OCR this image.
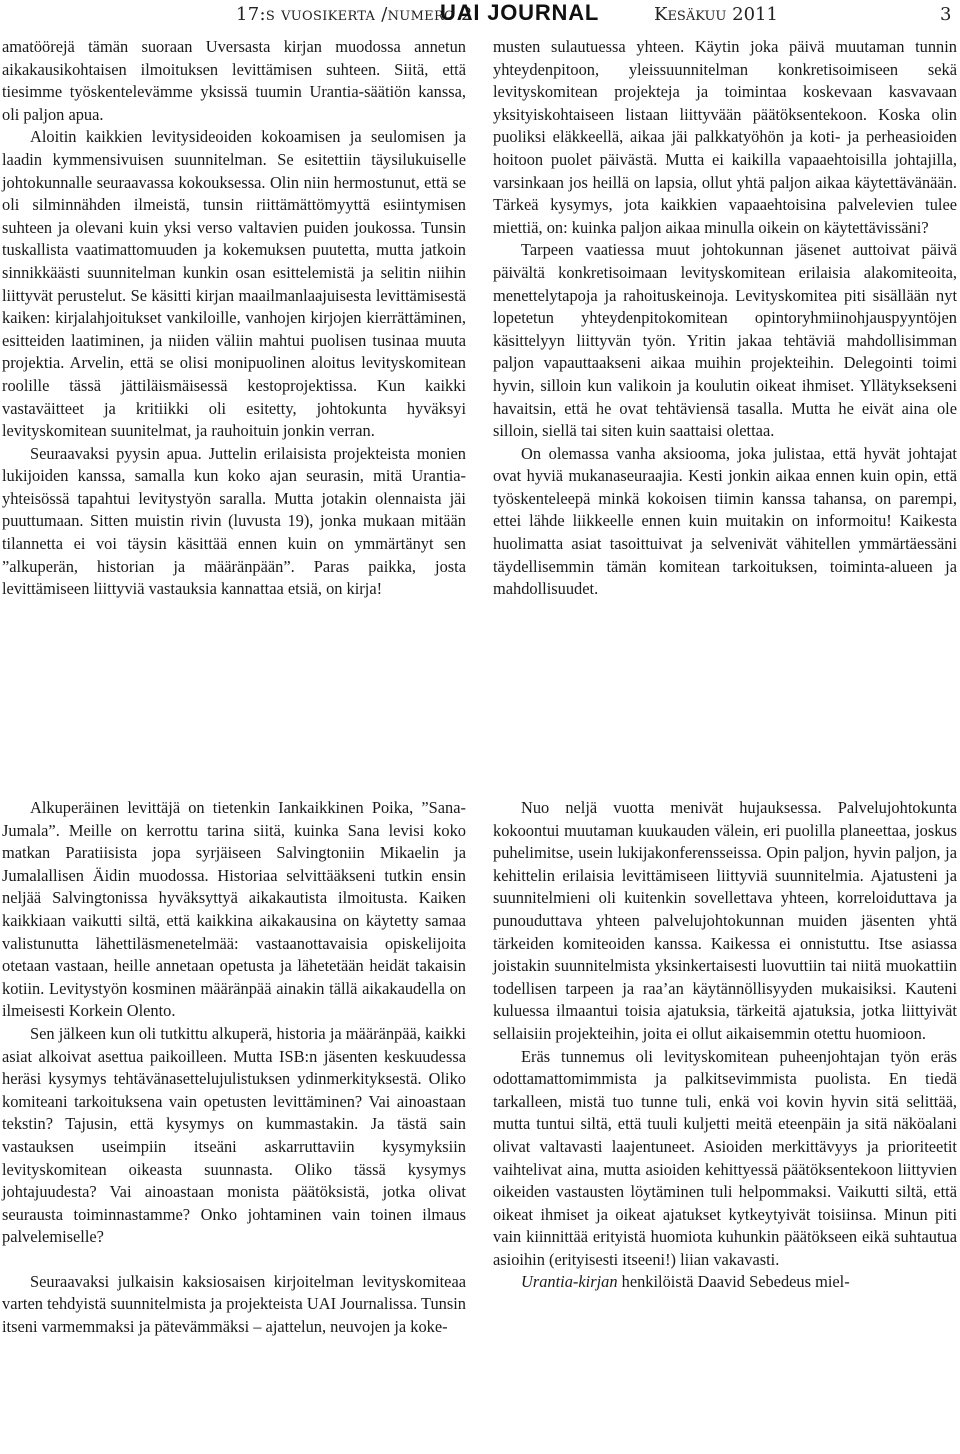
17:s vuosikerta /numero 2
UAI JOURNAL	Kesäkuu 2011	3

amatöörejä tämän suoraan Uversasta kirjan muodossa annetun aikakausikohtaisen ilmoituksen levittämisen suhteen. Siitä, että tiesimme työskentelevämme yksissä tuumin Urantia-säätiön kanssa, oli paljon apua.

Aloitin kaikkien levitysideoiden kokoamisen ja seulomisen ja laadin kymmensivuisen suunnitelman. Se esitettiin täysilukuiselle johtokunnalle seuraavassa kokouksessa. Olin niin hermostunut, että se oli silminnähden ilmeistä, tunsin riittämättömyyttä esiintymisen suhteen ja olevani kuin yksi verso valtavien puiden joukossa. Tunsin tuskallista vaatimattomuuden ja kokemuksen puutetta, mutta jatkoin sinnikkäästi suunnitelman kunkin osan esittelemistä ja selitin niihin liittyvät perustelut. Se käsitti kirjan maailmanlaajuisesta levittämisestä kaiken: kirjalahjoitukset vankiloille, vanhojen kirjojen kierrättäminen, esitteiden laatiminen, ja niiden väliin mahtui puolisen tusinaa muuta projektia. Arvelin, että se olisi monipuolinen aloitus levityskomitean roolille tässä jättiläismäisessä kestoprojektissa. Kun kaikki vastaväitteet ja kritiikki oli esitetty, johtokunta hyväksyi levityskomitean suunitelmat, ja rauhoituin jonkin verran.

Seuraavaksi pyysin apua. Juttelin erilaisista projekteista monien lukijoiden kanssa, samalla kun koko ajan seurasin, mitä Urantia-yhteisössä tapahtui levitystyön saralla. Mutta jotakin olennaista jäi puuttumaan. Sitten muistin rivin (luvusta 19), jonka mukaan mitään tilannetta ei voi täysin käsittää ennen kuin on ymmärtänyt sen ”alkuperän, historian ja määränpään”. Paras paikka, josta levittämiseen liittyviä vastauksia kannattaa etsiä, on kirja!

musten sulautuessa yhteen. Käytin joka päivä muutaman tunnin yhteydenpitoon, yleissuunnitelman konkretisoimiseen sekä levityskomitean projekteja ja toimintaa koskevaan kasvavaan yksityiskohtaiseen listaan liittyvään päätöksentekoon. Koska olin puoliksi eläkkeellä, aikaa jäi palkkatyöhön ja koti- ja perheasioiden hoitoon puolet päivästä. Mutta ei kaikilla vapaaehtoisilla johtajilla, varsinkaan jos heillä on lapsia, ollut yhtä paljon aikaa käytettävänään. Tärkeä kysymys, jota kaikkien vapaaehtoisina palvelevien tulee miettiä, on: kuinka paljon aikaa minulla oikein on käytettävissäni?

Tarpeen vaatiessa muut johtokunnan jäsenet auttoivat päivä päivältä konkretisoimaan levityskomitean erilaisia alakomiteoita, menettelytapoja ja rahoituskeinoja. Levityskomitea piti sisällään nyt lopetetun yhteydenpitokomitean opintoryhmiinohjauspyyntöjen käsittelyyn liittyvän työn. Yritin jakaa tehtäviä mahdollisimman paljon vapauttaakseni aikaa muihin projekteihin. Delegointi toimi hyvin, silloin kun valikoin ja koulutin oikeat ihmiset. Yllätyksekseni havaitsin, että he ovat tehtäviensä tasalla. Mutta he eivät aina ole silloin, siellä tai siten kuin saattaisi olettaa.

On olemassa vanha aksiooma, joka julistaa, että hyvät johtajat ovat hyviä mukanaseuraajia. Kesti jonkin aikaa ennen kuin opin, että työskenteleepä minkä kokoisen tiimin kanssa tahansa, on parempi, ettei lähde liikkeelle ennen kuin muitakin on informoitu! Kaikesta huolimatta asiat tasoittuivat ja selvenivät vähitellen ymmärtäessäni täydellisemmin tämän komitean tarkoituksen, toiminta-alueen ja mahdollisuudet.

Alkuperäinen levittäjä on tietenkin Iankaikkinen Poika, ”Sana-Jumala”. Meille on kerrottu tarina siitä, kuinka Sana levisi koko matkan Paratiisista jopa syrjäiseen Salvingtoniin Mikaelin ja Jumalallisen Äidin muodossa. Historiaa selvittääkseni tutkin ensin neljää Salvingtonissa hyväksyttyä aikakautista ilmoitusta. Kaiken kaikkiaan vaikutti siltä, että kaikkina aikakausina on käytetty samaa valistunutta lähettiläsmenetelmää: vastaanottavaisia opiskelijoita otetaan vastaan, heille annetaan opetusta ja lähetetään heidät takaisin kotiin. Levitystyön kosminen määränpää ainakin tällä aikakaudella on ilmeisesti Korkein Olento.

Sen jälkeen kun oli tutkittu alkuperä, historia ja määränpää, kaikki asiat alkoivat asettua paikoilleen. Mutta ISB:n jäsenten keskuudessa heräsi kysymys tehtävänasettelujulistuksen ydinmerkityksestä. Oliko komiteani tarkoituksena vain opetusten levittäminen? Vai ainoastaan tekstin? Tajusin, että kysymys on kummastakin. Ja tästä sain vastauksen useimpiin itseäni askarruttaviin kysymyksiin levityskomitean oikeasta suunnasta. Oliko tässä kysymys johtajuudesta? Vai ainoastaan monista päätöksistä, jotka olivat seurausta toiminnastamme? Onko johtaminen vain toinen ilmaus palvelemiselle?

Seuraavaksi julkaisin kaksiosaisen kirjoitelman levityskomiteaa varten tehdyistä suunnitelmista ja projekteista UAI Journalissa. Tunsin itseni varmemmaksi ja pätevämmäksi – ajattelun, neuvojen ja koke-

Nuo neljä vuotta menivät hujauksessa. Palvelujohtokunta kokoontui muutaman kuukauden välein, eri puolilla planeettaa, joskus puhelimitse, usein lukijakonferensseissa. Opin paljon, hyvin paljon, ja kehittelin erilaisia levittämiseen liittyviä suunnitelmia. Ajatusteni ja suunnitelmieni oli kuitenkin sovellettava yhteen, korreloiduttava ja punouduttava yhteen palvelujohtokunnan muiden jäsenten yhtä tärkeiden komiteoiden kanssa. Kaikessa ei onnistuttu. Itse asiassa joistakin suunnitelmista yksinkertaisesti luovuttiin tai niitä muokattiin todellisen tarpeen ja raa’an käytännöllisyyden mukaisiksi. Kauteni kuluessa ilmaantui toisia ajatuksia, tärkeitä ajatuksia, jotka liittyivät sellaisiin projekteihin, joita ei ollut aikaisemmin otettu huomioon.

Eräs tunnemus oli levityskomitean puheenjohtajan työn eräs odottamattomimmista ja palkitsevimmista puolista. En tiedä tarkalleen, mistä tuo tunne tuli, enkä voi kovin hyvin sitä selittää, mutta tuntui siltä, että tuuli kuljetti meitä eteenpäin ja sitä näköalani olivat valtavasti laajentuneet. Asioiden merkittävyys ja prioriteetit vaihtelivat aina, mutta asioiden kehittyessä päätöksentekoon liittyvien oikeiden vastausten löytäminen tuli helpommaksi. Vaikutti siltä, että oikeat ihmiset ja oikeat ajatukset kytkeytyivät toisiinsa. Minun piti vain kiinnittää erityistä huomiota kuhunkin päätökseen eikä suhtautua asioihin (erityisesti itseeni!) liian vakavasti.

Urantia-kirjan henkilöistä Daavid Sebedeus miel-
